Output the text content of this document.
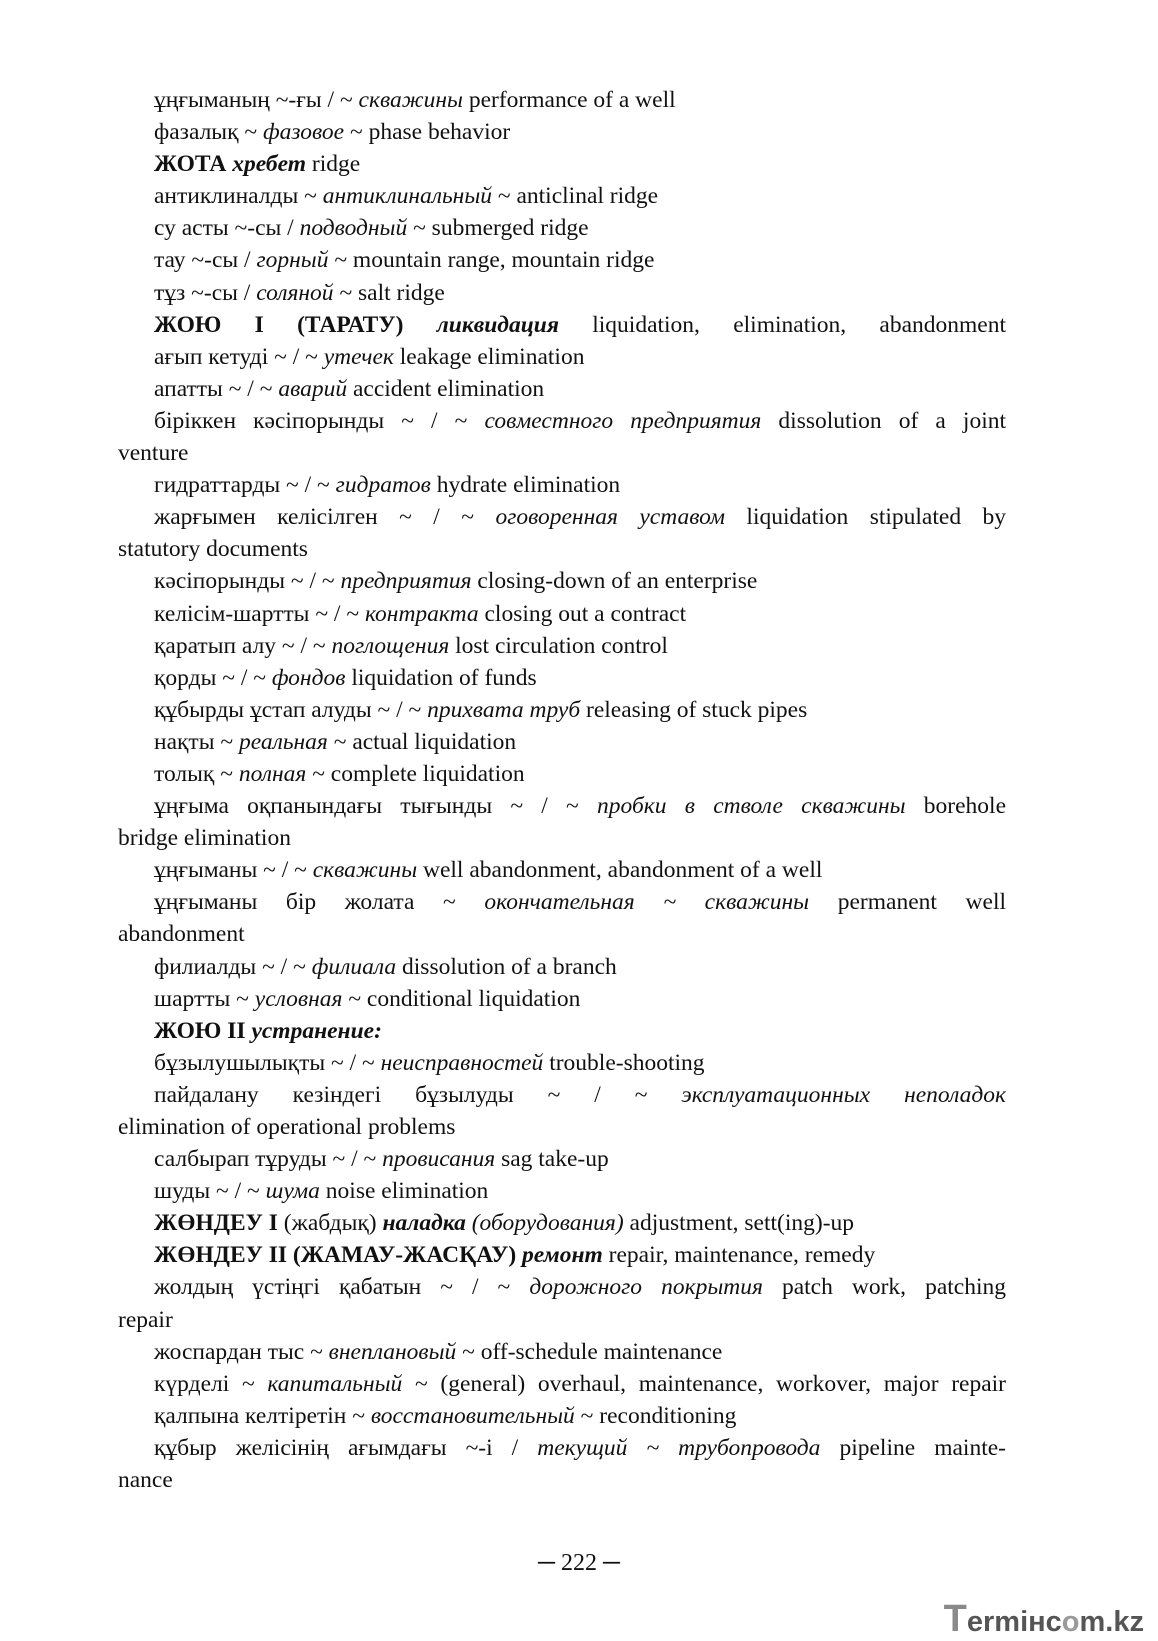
ұңғыманың ~-ғы / ~ скважины performance of a well
фазалық ~ фазовое ~ phase behavior
ЖОТА хребет ridge
антиклиналды ~ антиклинальный ~ anticlinal ridge
су асты ~-сы / подводный ~ submerged ridge
тау ~-сы / горный ~ mountain range, mountain ridge
тұз ~-сы / соляной ~ salt ridge
ЖОЮ I (ТАРАТУ) ликвидация liquidation, elimination, abandonment
ағып кетуді ~ / ~ утечек leakage elimination
апатты ~ / ~ аварий accident elimination
біріккен кәсіпорынды ~ / ~ совместного предприятия dissolution of a joint
venture
гидраттарды ~ / ~ гидратов hydrate elimination
жарғымен келісілген ~ / ~ оговоренная уставом liquidation stipulated by
statutory documents
кәсіпорынды ~ / ~ предприятия closing-down of an enterprise
келісім-шартты ~ / ~ контракта closing out a contract
қаратып алу ~ / ~ поглощения lost circulation control
қорды ~ / ~ фондов liquidation of funds
құбырды ұстап алуды ~ / ~ прихвата труб releasing of stuck pipes
нақты ~ реальная ~ actual liquidation
толық ~ полная ~ complete liquidation
ұңғыма оқпанындағы тығынды ~ / ~ пробки в стволе скважины borehole
bridge elimination
ұңғыманы ~ / ~ скважины well abandonment, abandonment of a well
ұңғыманы бір жолата ~ окончательная ~ скважины permanent well
abandonment
филиалды ~ / ~ филиала dissolution of a branch
шартты ~ условная ~ conditional liquidation
ЖОЮ II устранение:
бұзылушылықты ~ / ~ неисправностей trouble-shooting
пайдалану кезіндегі бұзылуды ~ / ~ эксплуатационных неполадок
elimination of operational problems
салбырап тұруды ~ / ~ провисания sag take-up
шуды ~ / ~ шума noise elimination
ЖӨНДЕУ I (жабдық) наладка (оборудования) adjustment, sett(ing)-up
ЖӨНДЕУ II (ЖАМАУ-ЖАСҚАУ) ремонт repair, maintenance, remedy
жолдың үстіңгі қабатын ~ / ~ дорожного покрытия patch work, patching
repair
жоспардан тыс ~ внеплановый ~ off-schedule maintenance
күрделі ~ капитальный ~ (general) overhaul, maintenance, workover, major repair
қалпына келтіретін ~ восстановительный ~ reconditioning
құбыр желісінің ағымдағы ~-і / текущий ~ трубопровода pipeline mainte-
nance
─ 222 ─
Termінcom.kz
